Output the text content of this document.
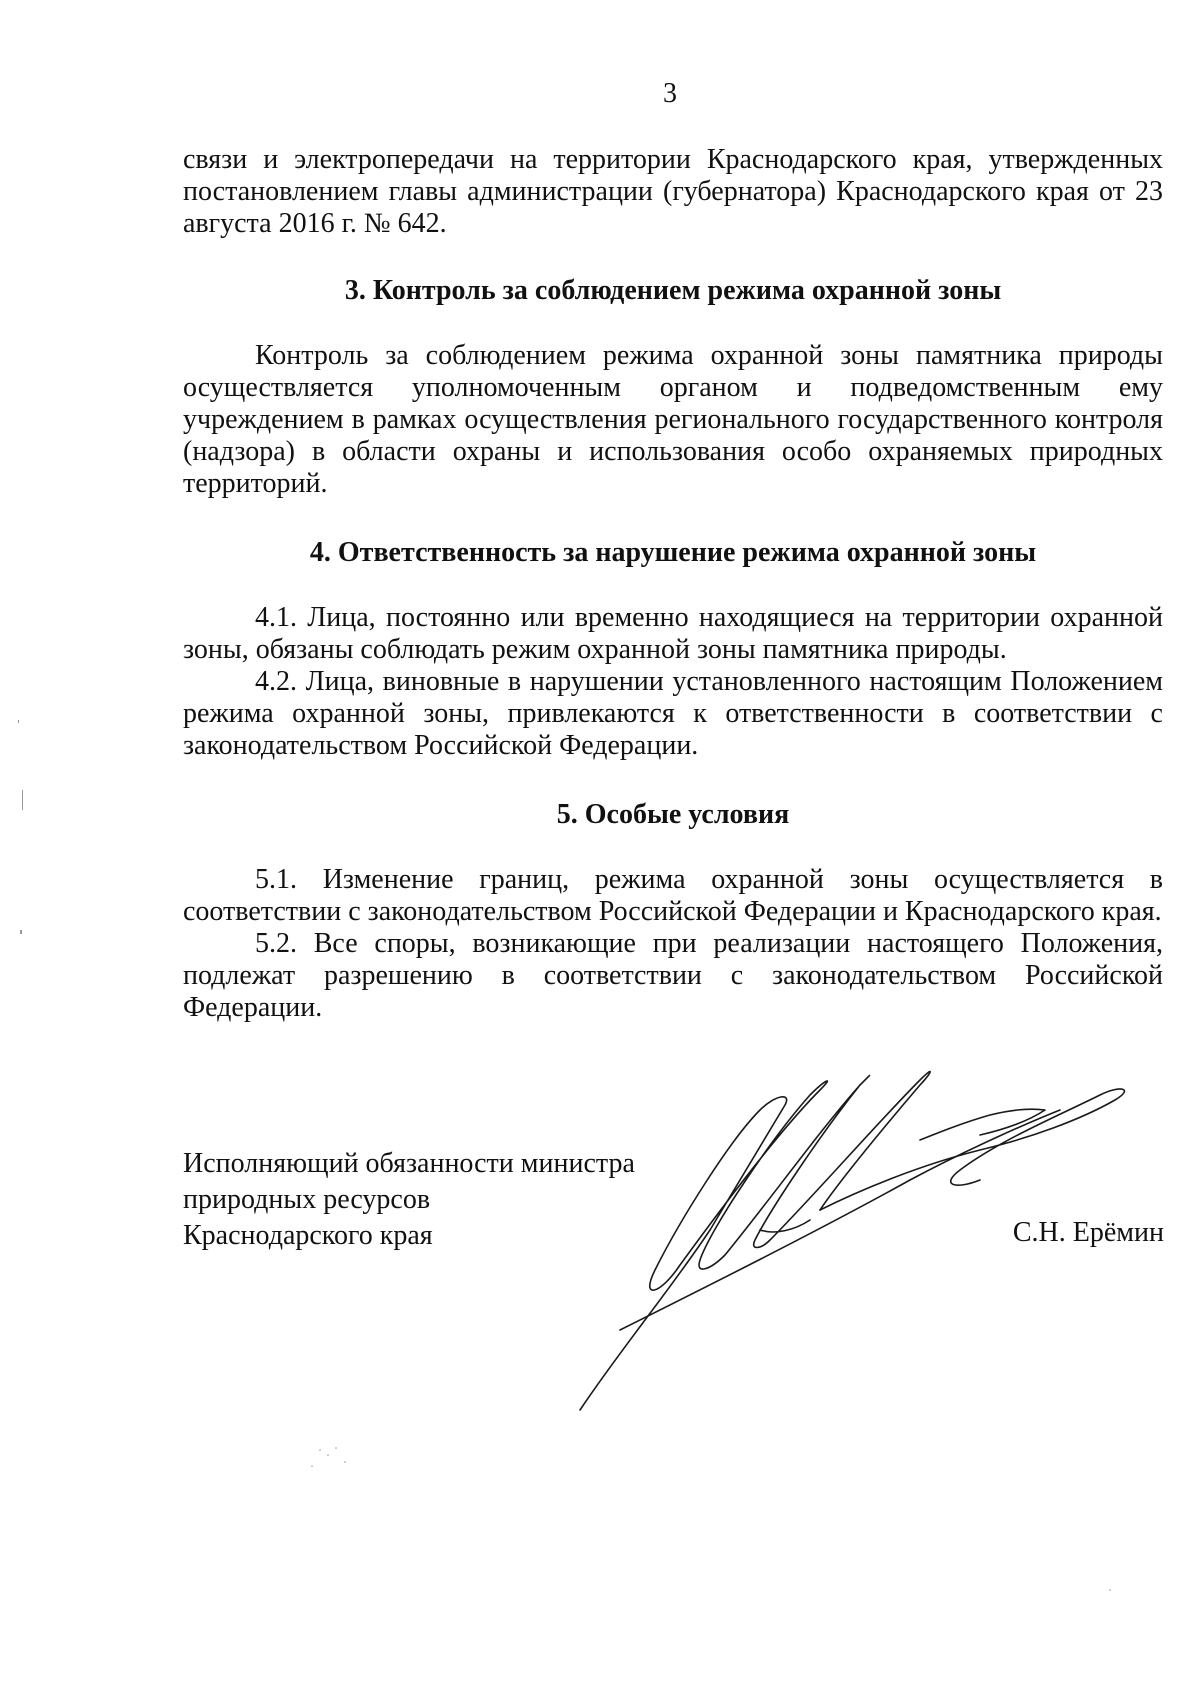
3

связи и электропередачи на территории Краснодарского края, утвержденных постановлением главы администрации (губернатора) Краснодарского края от 23 августа 2016 г. № 642.

3. Контроль за соблюдением режима охранной зоны

Контроль за соблюдением режима охранной зоны памятника природы осуществляется уполномоченным органом и подведомственным ему учреждением в рамках осуществления регионального государственного контроля (надзора) в области охраны и использования особо охраняемых природных территорий.

4. Ответственность за нарушение режима охранной зоны

4.1. Лица, постоянно или временно находящиеся на территории охранной зоны, обязаны соблюдать режим охранной зоны памятника природы.

4.2. Лица, виновные в нарушении установленного настоящим Положением режима охранной зоны, привлекаются к ответственности в соответствии с законодательством Российской Федерации.

5. Особые условия

5.1. Изменение границ, режима охранной зоны осуществляется в соответствии с законодательством Российской Федерации и Краснодарского края.

5.2. Все споры, возникающие при реализации настоящего Положения, подлежат разрешению в соответствии с законодательством Российской Федерации.

Исполняющий обязанности министра
природных ресурсов
Краснодарского края	С.Н. Ерёмин
